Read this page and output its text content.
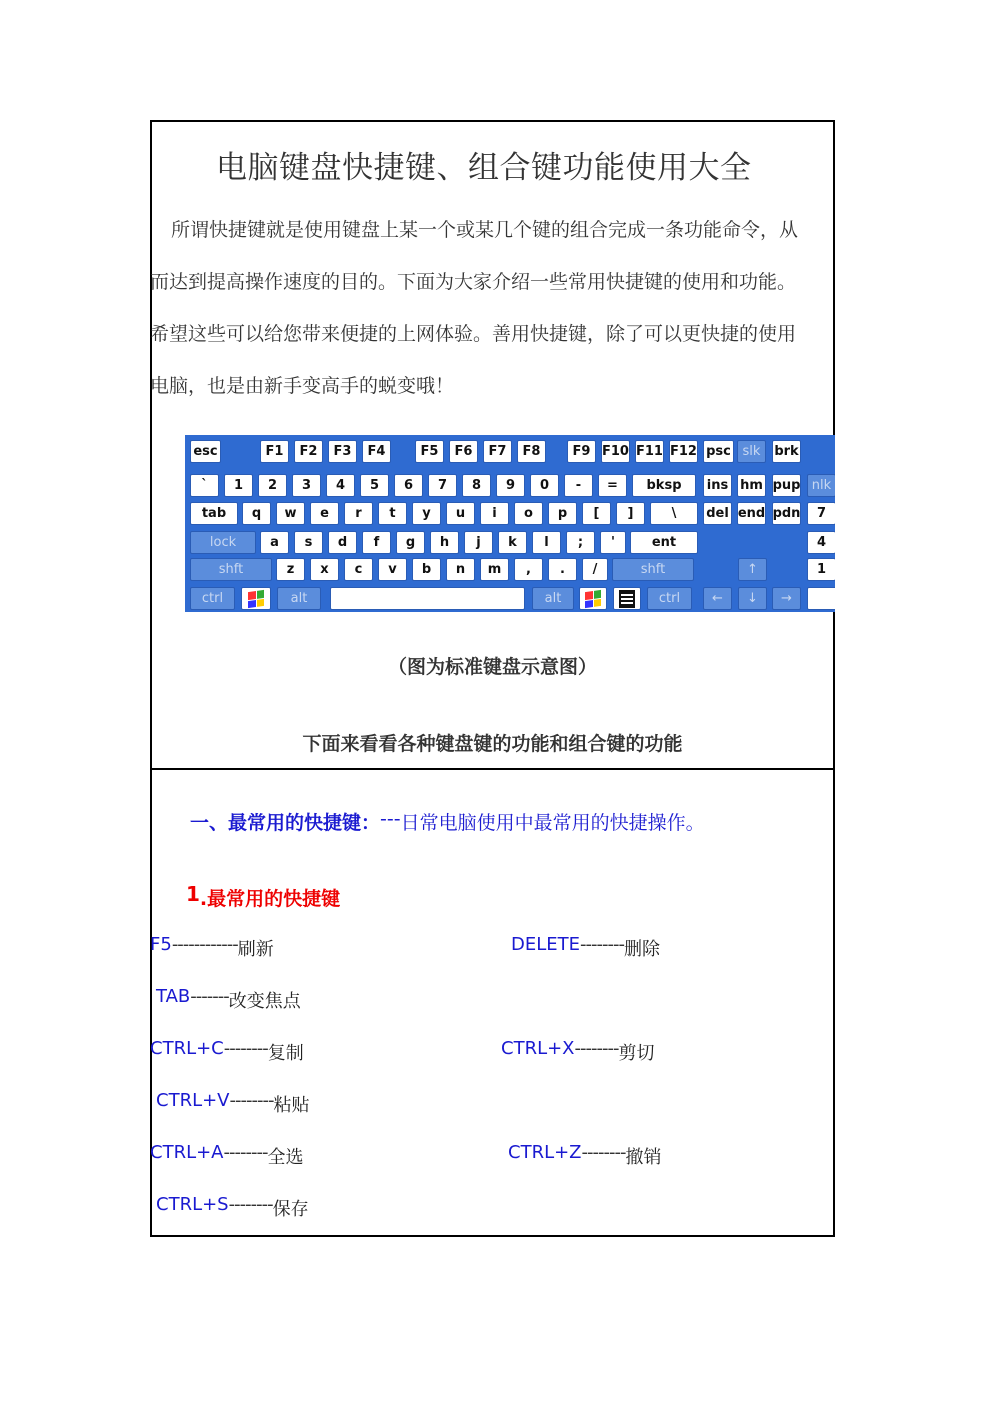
电脑键盘快捷键、组合键功能使用大全
所谓快捷键就是使用键盘上某一个或某几个键的组合完成一条功能命令，从
而达到提高操作速度的目的。下面为大家介绍一些常用快捷键的使用和功能。
希望这些可以给您带来便捷的上网体验。善用快捷键，除了可以更快捷的使用
电脑，也是由新手变高手的蜕变哦！
esc	F1	F2	F3	F4	F5	F6	F7	F8	F9 F10 F11 F12 psc slk	brk
`	1	2	3	4	5	6	7	8	9	0	-	=	bksp	ins hm pup nlk
tab	q	w	e	r	t	y	u	i	o	p	[	]	\	del end pdn	7
lock	a	s	d	f	g	h	j	k	l	;	'	ent	4
shft	z	x	c	v	b	n	m	,	.	/	shft	↑	1
ctrl	alt	alt	ctrl	←	↓	→
（图为标准键盘示意图）
下面来看看各种键盘键的功能和组合键的功能
一、最常用的快捷键：---日常电脑使用中最常用的快捷操作。
1.最常用的快捷键
F5------------刷新	DELETE--------删除
TAB-------改变焦点
CTRL+C--------复制	CTRL+X--------剪切
CTRL+V--------粘贴
CTRL+A--------全选	CTRL+Z--------撤销
CTRL+S--------保存
